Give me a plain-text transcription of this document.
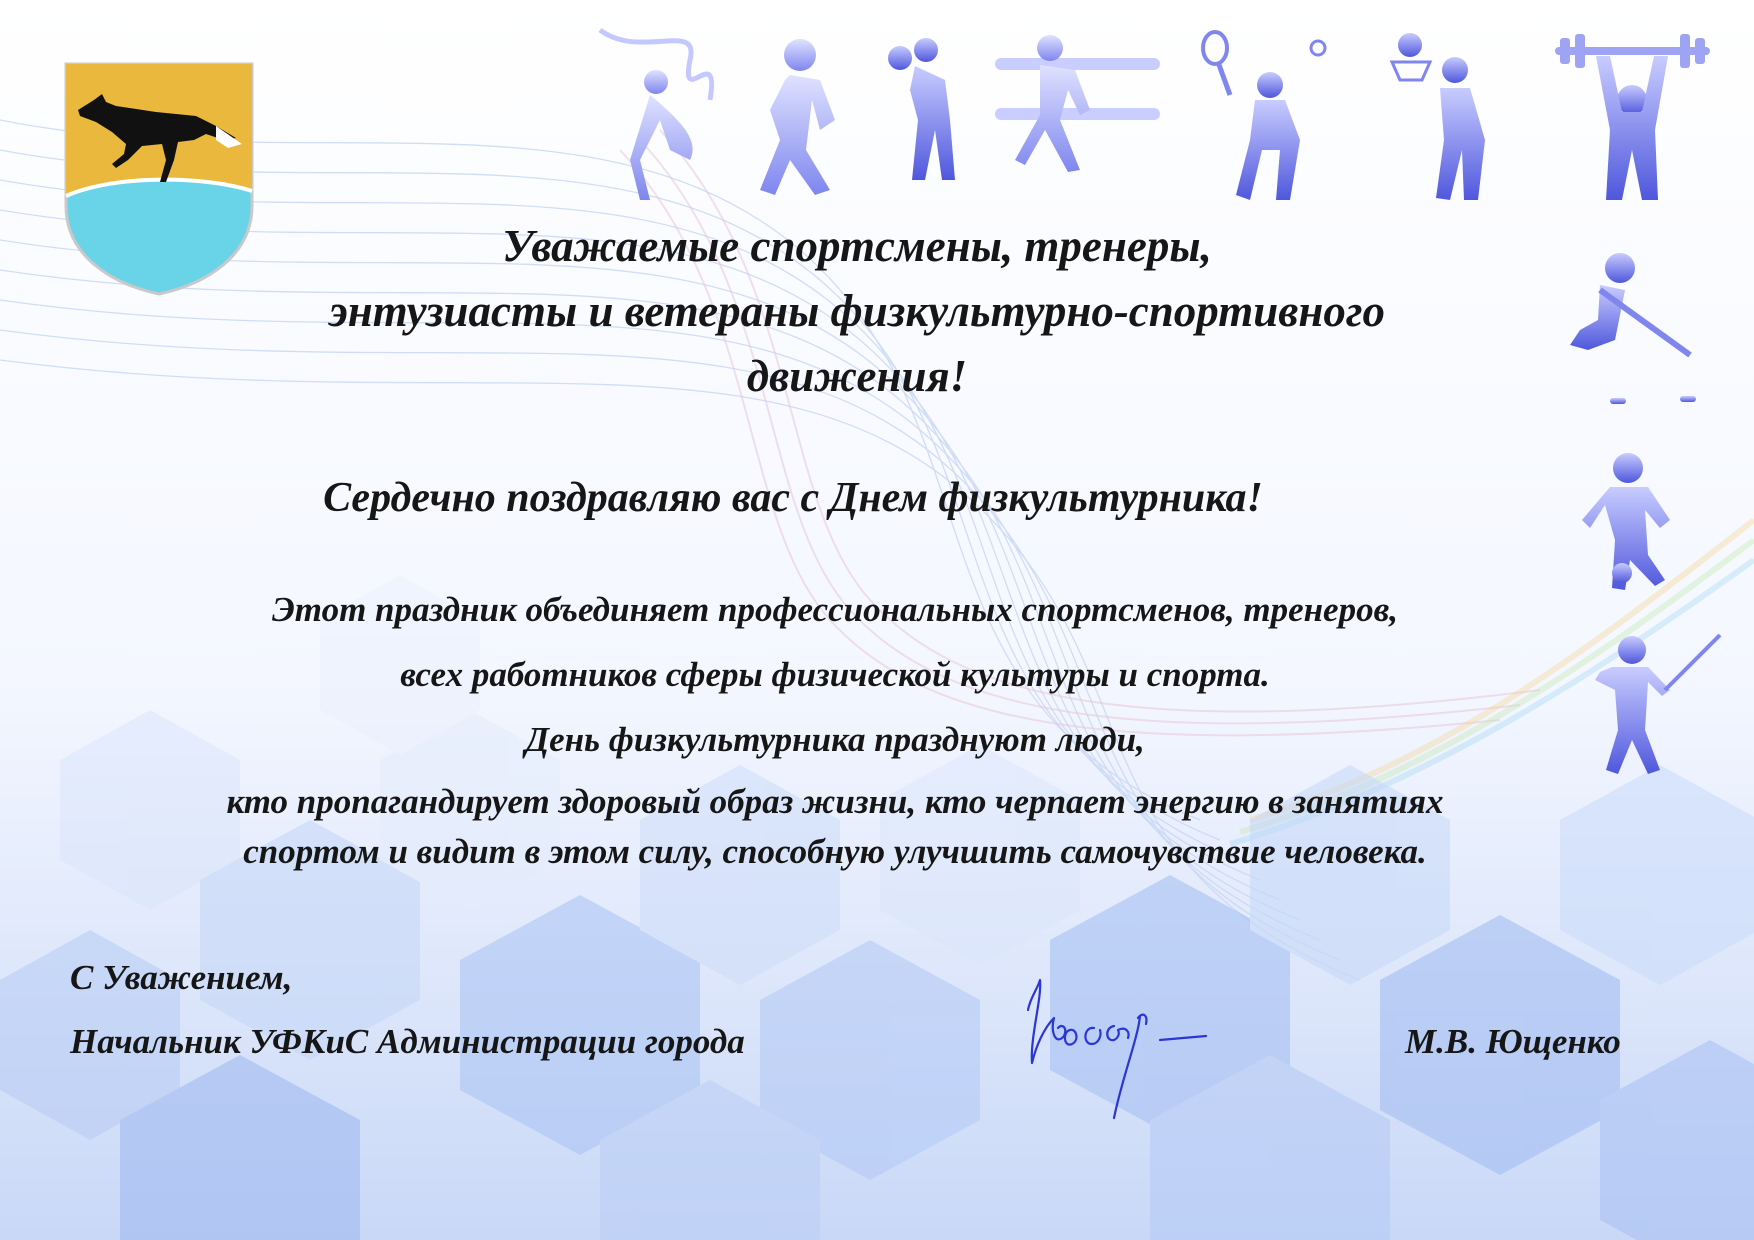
Уважаемые спортсмены, тренеры,
энтузиасты и ветераны физкультурно-спортивного
движения!
Сердечно поздравляю вас с Днем физкультурника!
Этот праздник объединяет профессиональных спортсменов, тренеров,
всех работников сферы физической культуры и спорта.
День физкультурника празднуют люди,
кто пропагандирует здоровый образ жизни, кто черпает энергию в занятиях
спортом и видит в этом силу, способную улучшить самочувствие человека.
С Уважением,
Начальник УФКиС Администрации города	М.В. Ющенко
